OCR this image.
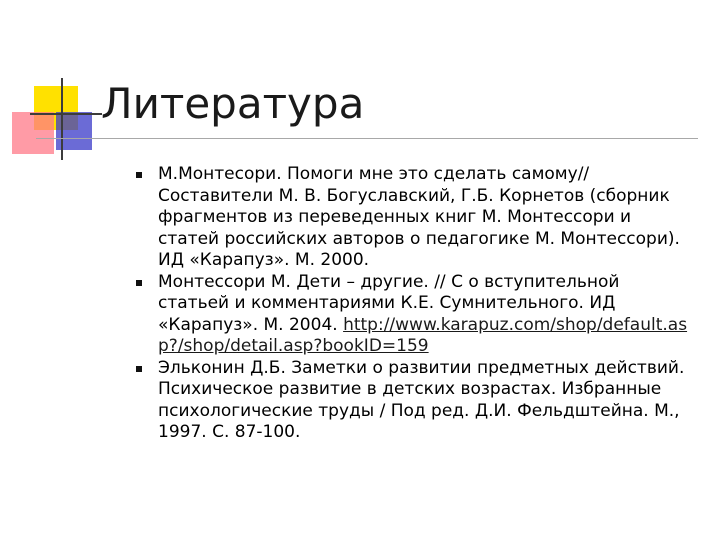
Литература
М.Монтесори. Помоги мне это сделать самому// Составители М. В. Богуславский, Г.Б. Корнетов (сборник фрагментов из переведенных книг М. Монтессори и статей российских авторов о педагогике М. Монтессори). ИД «Карапуз». М. 2000.
Монтессори М. Дети – другие. // С о вступительной статьей и комментариями К.Е. Сумнительного. ИД «Карапуз». М. 2004. http://www.karapuz.com/shop/default.asp?/shop/detail.asp?bookID=159
Эльконин Д.Б. Заметки о развитии предметных действий. Психическое развитие в детских возрастах. Избранные психологические труды / Под ред. Д.И. Фельдштейна. М., 1997. С. 87-100.
